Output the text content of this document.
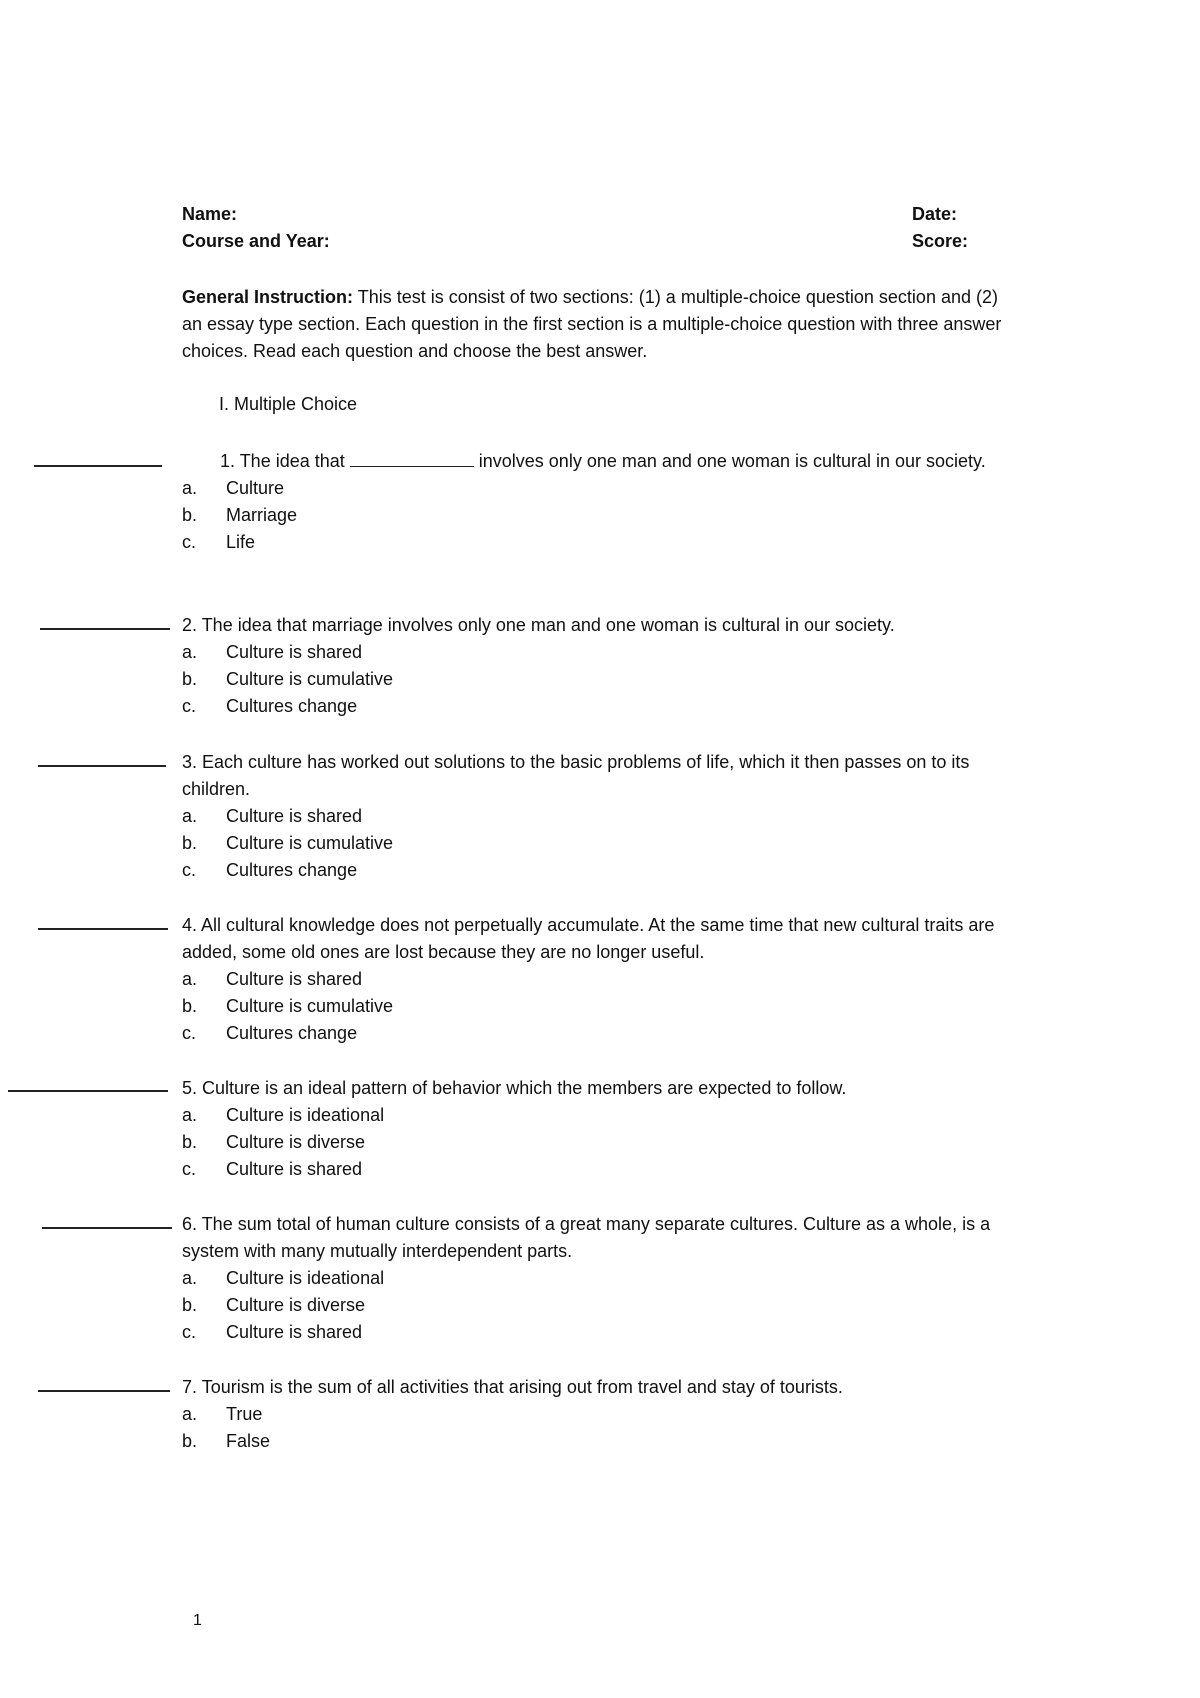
Name:	Date:
Course and Year:	Score:
General Instruction: This test is consist of two sections: (1) a multiple-choice question section and (2) an essay type section. Each question in the first section is a multiple-choice question with three answer choices. Read each question and choose the best answer.
I. Multiple Choice

1. The idea that	involves only one man and one woman is cultural in our society.

a.	Culture
b.	Marriage
c.	Life

2. The idea that marriage involves only one man and one woman is cultural in our society.

a.	Culture is shared
b.	Culture is cumulative
c.	Cultures change

3. Each culture has worked out solutions to the basic problems of life, which it then passes on to its children.

a.	Culture is shared
b.	Culture is cumulative
c.	Cultures change

4. All cultural knowledge does not perpetually accumulate. At the same time that new cultural traits are added, some old ones are lost because they are no longer useful.

a.	Culture is shared
b.	Culture is cumulative
c.	Cultures change

5. Culture is an ideal pattern of behavior which the members are expected to follow.

a.	Culture is ideational
b.	Culture is diverse
c.	Culture is shared

6. The sum total of human culture consists of a great many separate cultures. Culture as a whole, is a system with many mutually interdependent parts.

a.	Culture is ideational
b.	Culture is diverse
c.	Culture is shared

7. Tourism is the sum of all activities that arising out from travel and stay of tourists.

a.	True
b.	False
1
